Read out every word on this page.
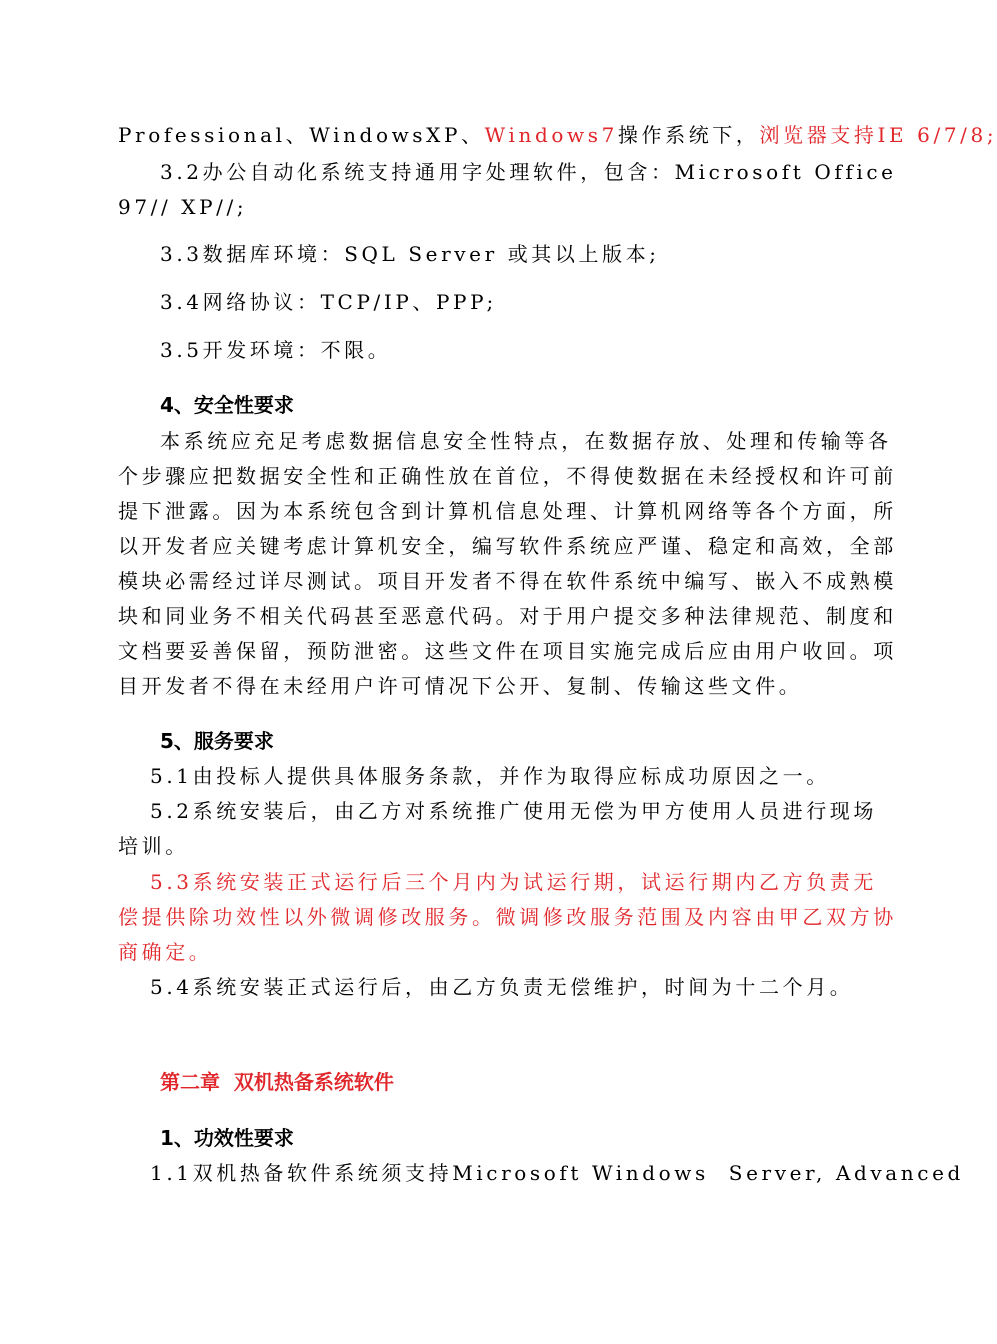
Professional、WindowsXP、Windows7操作系统下，浏览器支持IE 6/7/8;
3.2办公自动化系统支持通用字处理软件，包含：Microsoft Office
97// XP//;
3.3数据库环境：SQL Server 或其以上版本;
3.4网络协议：TCP/IP、PPP;
3.5开发环境：不限。
4、安全性要求
本系统应充足考虑数据信息安全性特点，在数据存放、处理和传输等各
个步骤应把数据安全性和正确性放在首位，不得使数据在未经授权和许可前
提下泄露。因为本系统包含到计算机信息处理、计算机网络等各个方面，所
以开发者应关键考虑计算机安全，编写软件系统应严谨、稳定和高效，全部
模块必需经过详尽测试。项目开发者不得在软件系统中编写、嵌入不成熟模
块和同业务不相关代码甚至恶意代码。对于用户提交多种法律规范、制度和
文档要妥善保留，预防泄密。这些文件在项目实施完成后应由用户收回。项
目开发者不得在未经用户许可情况下公开、复制、传输这些文件。
5、服务要求
5.1由投标人提供具体服务条款，并作为取得应标成功原因之一。
5.2系统安装后，由乙方对系统推广使用无偿为甲方使用人员进行现场
培训。
5.3系统安装正式运行后三个月内为试运行期，试运行期内乙方负责无
偿提供除功效性以外微调修改服务。微调修改服务范围及内容由甲乙双方协
商确定。
5.4系统安装正式运行后，由乙方负责无偿维护，时间为十二个月。
第二章  双机热备系统软件
1、功效性要求
1.1双机热备软件系统须支持Microsoft Windows  Server, Advanced
